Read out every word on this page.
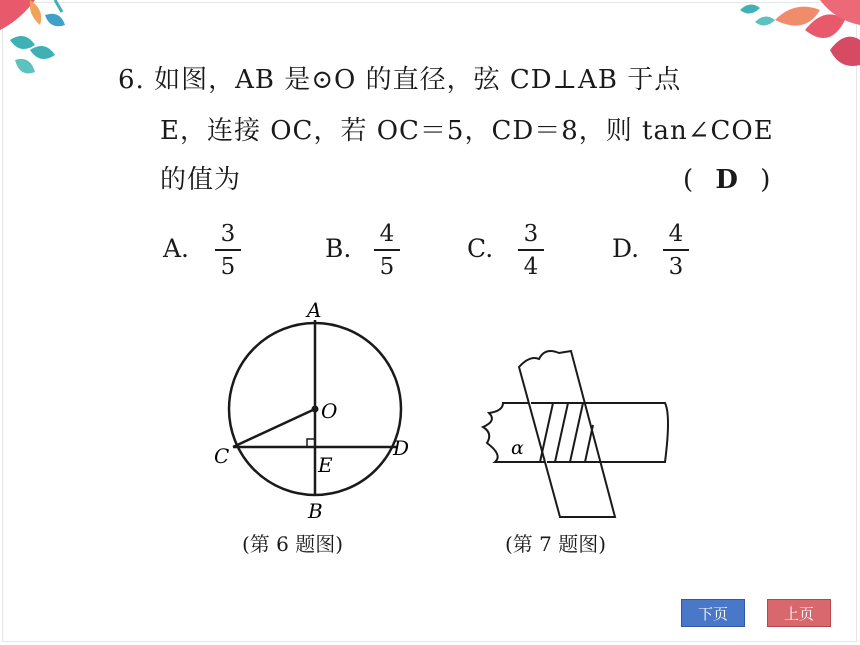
6. 如图，AB 是⊙O 的直径，弦 CD⊥AB 于点
E，连接 OC，若 OC＝5，CD＝8，则 tan∠COE
的值为	( D )
A.	3
5
B.	4
5
C.	3
4
D.	4
3
A
O
C	D
E
B
(第 6 题图)
α
(第 7 题图)
下页	上页
